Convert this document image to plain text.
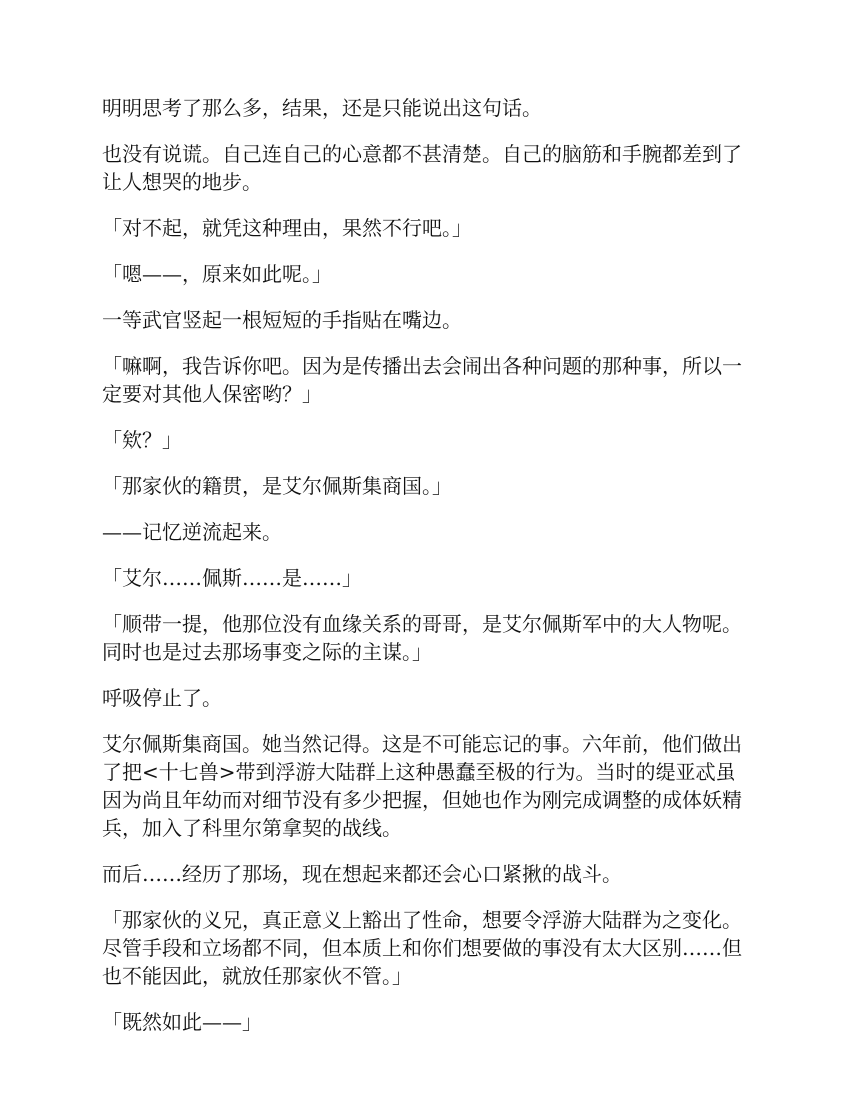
明明思考了那么多，结果，还是只能说出这句话。

也没有说谎。自己连自己的心意都不甚清楚。自己的脑筋和手腕都差到了让人想哭的地步。

「对不起，就凭这种理由，果然不行吧。」

「嗯——，原来如此呢。」

一等武官竖起一根短短的手指贴在嘴边。

「嘛啊，我告诉你吧。因为是传播出去会闹出各种问题的那种事，所以一定要对其他人保密哟？」

「欸？」

「那家伙的籍贯，是艾尔佩斯集商国。」

——记忆逆流起来。

「艾尔……佩斯……是……」

「顺带一提，他那位没有血缘关系的哥哥，是艾尔佩斯军中的大人物呢。同时也是过去那场事变之际的主谋。」

呼吸停止了。

艾尔佩斯集商国。她当然记得。这是不可能忘记的事。六年前，他们做出了把<十七兽>带到浮游大陆群上这种愚蠢至极的行为。当时的缇亚忒虽因为尚且年幼而对细节没有多少把握，但她也作为刚完成调整的成体妖精兵，加入了科里尔第拿契的战线。

而后……经历了那场，现在想起来都还会心口紧揪的战斗。

「那家伙的义兄，真正意义上豁出了性命，想要令浮游大陆群为之变化。尽管手段和立场都不同，但本质上和你们想要做的事没有太大区别……但也不能因此，就放任那家伙不管。」

「既然如此——」
